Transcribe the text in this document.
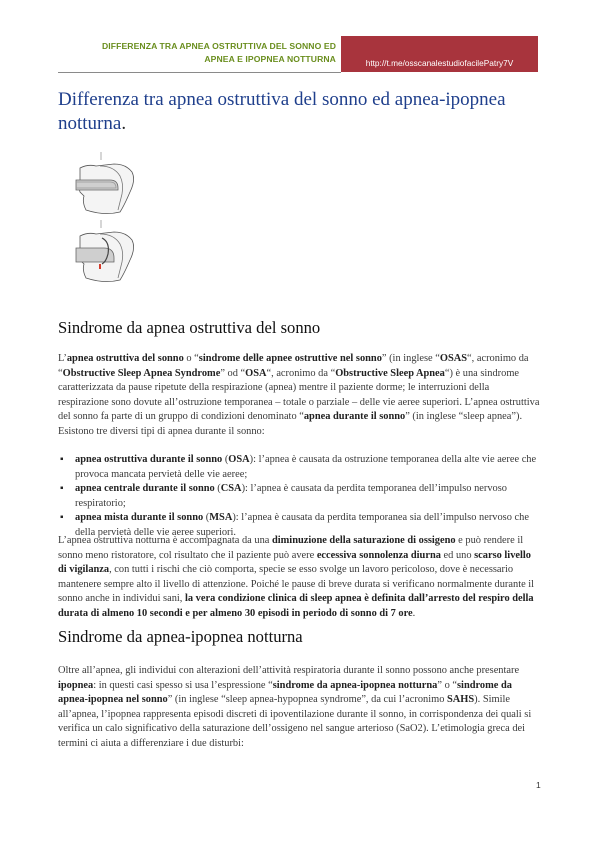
DIFFERENZA TRA APNEA OSTRUTTIVA DEL SONNO ED
APNEA E IPOPNEA NOTTURNA	http://t.me/osscanalestudiofacilePatry7V
Differenza tra apnea ostruttiva del sonno ed apnea-ipopnea notturna.
Sindrome da apnea ostruttiva del sonno

L’apnea ostruttiva del sonno o “sindrome delle apnee ostruttive nel sonno” (in inglese “OSAS“, acronimo da “Obstructive Sleep Apnea Syndrome” od “OSA“, acronimo da “Obstructive Sleep Apnea“) è una sindrome caratterizzata da pause ripetute della respirazione (apnea) mentre il paziente dorme; le interruzioni della respirazione sono dovute all’ostruzione temporanea – totale o parziale – delle vie aeree superiori. L’apnea ostruttiva del sonno fa parte di un gruppo di condizioni denominato “apnea durante il sonno” (in inglese “sleep apnea”). Esistono tre diversi tipi di apnea durante il sonno:

▪ apnea ostruttiva durante il sonno (OSA): l’apnea è causata da ostruzione temporanea della alte vie aeree che provoca mancata pervietà delle vie aeree;
▪ apnea centrale durante il sonno (CSA): l’apnea è causata da perdita temporanea dell’impulso nervoso respiratorio;
▪ apnea mista durante il sonno (MSA): l’apnea è causata da perdita temporanea sia dell’impulso nervoso che della pervietà delle vie aeree superiori.

L’apnea ostruttiva notturna è accompagnata da una diminuzione della saturazione di ossigeno e può rendere il sonno meno ristoratore, col risultato che il paziente può avere eccessiva sonnolenza diurna ed uno scarso livello di vigilanza, con tutti i rischi che ciò comporta, specie se esso svolge un lavoro pericoloso, dove è necessario mantenere sempre alto il livello di attenzione. Poiché le pause di breve durata si verificano normalmente durante il sonno anche in individui sani, la vera condizione clinica di sleep apnea è definita dall’arresto del respiro della durata di almeno 10 secondi e per almeno 30 episodi in periodo di sonno di 7 ore.

Sindrome da apnea-ipopnea notturna

Oltre all’apnea, gli individui con alterazioni dell’attività respiratoria durante il sonno possono anche presentare ipopnea: in questi casi spesso si usa l’espressione “sindrome da apnea-ipopnea notturna” o “sindrome da apnea-ipopnea nel sonno” (in inglese “sleep apnea-hypopnea syndrome”, da cui l’acronimo SAHS). Simile all’apnea, l’ipopnea rappresenta episodi discreti di ipoventilazione durante il sonno, in corrispondenza dei quali si verifica un calo significativo della saturazione dell’ossigeno nel sangue arterioso (SaO2). L’etimologia greca dei termini ci aiuta a differenziare i due disturbi:

1
